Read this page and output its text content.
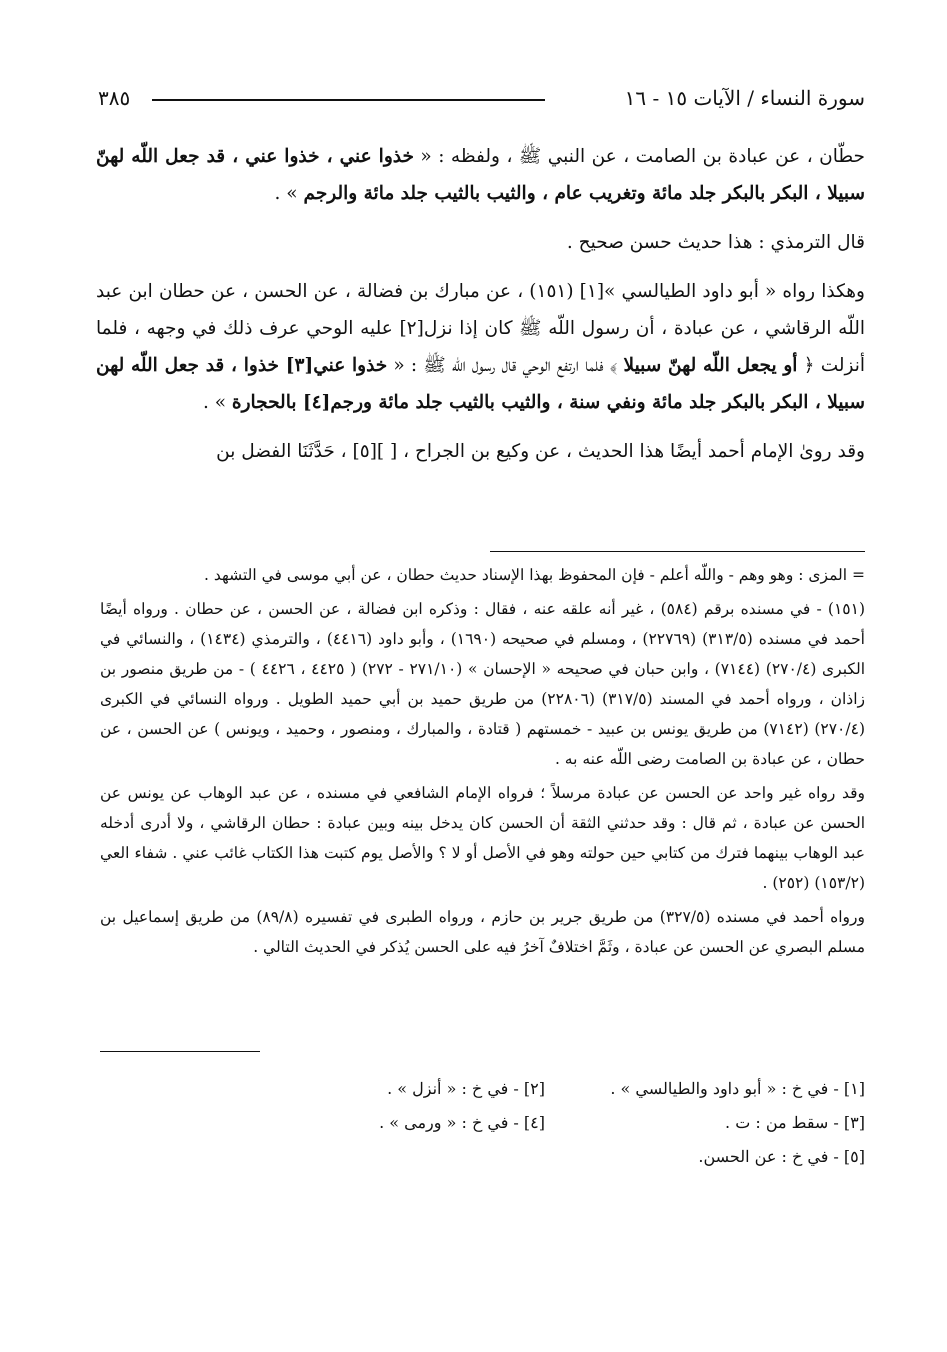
سورة النساء / الآيات ١٥ - ١٦
٣٨٥

حطّان ، عن عبادة بن الصامت ، عن النبي ﷺ ، ولفظه : « خذوا عني ، خذوا عني ، قد جعل اللّه لهنّ سبيلا ، البكر بالبكر جلد مائة وتغريب عام ، والثيب بالثيب جلد مائة والرجم » .

قال الترمذي : هذا حديث حسن صحيح .

وهكذا رواه « أبو داود الطيالسي »[١] (١٥١) ، عن مبارك بن فضالة ، عن الحسن ، عن حطان ابن عبد اللّه الرقاشي ، عن عبادة ، أن رسول اللّه ﷺ كان إذا نزل[٢] عليه الوحي عرف ذلك في وجهه ، فلما أنزلت ﴿ أو يجعل اللّه لهنّ سبيلا ﴾ فلما ارتفع الوحي قال رسول اللّه ﷺ : « خذوا عني[٣] خذوا ، قد جعل اللّه لهن سبيلا ، البكر بالبكر جلد مائة ونفي سنة ، والثيب بالثيب جلد مائة ورجم[٤] بالحجارة » .

وقد روىٰ الإمام أحمد أيضًا هذا الحديث ، عن وكيع بن الجراح ، [ ][٥] ، حَدَّثَنَا الفضل بن

= المزى : وهو وهم - واللّه أعلم - فإن المحفوظ بهذا الإسناد حديث حطان ، عن أبي موسى في التشهد .

(١٥١) - في مسنده برقم (٥٨٤) ، غير أنه علقه عنه ، فقال : وذكره ابن فضالة ، عن الحسن ، عن حطان . ورواه أيضًا أحمد في مسنده (٣١٣/٥) (٢٢٧٦٩) ، ومسلم في صحيحه (١٦٩٠) ، وأبو داود (٤٤١٦) ، والترمذي (١٤٣٤) ، والنسائي في الكبرى (٢٧٠/٤) (٧١٤٤) ، وابن حبان في صحيحه « الإحسان » (٢٧١/١٠ - ٢٧٢) ( ٤٤٢٥ ، ٤٤٢٦ ) - من طريق منصور بن زاذان ، ورواه أحمد في المسند (٣١٧/٥) (٢٢٨٠٦) من طريق حميد بن أبي حميد الطويل . ورواه النسائي في الكبرى (٢٧٠/٤) (٧١٤٢) من طريق يونس بن عبيد - خمستهم ( قتادة ، والمبارك ، ومنصور ، وحميد ، ويونس ) عن الحسن ، عن حطان ، عن عبادة بن الصامت رضى اللّه عنه به .

وقد رواه غير واحد عن الحسن عن عبادة مرسلاً ؛ فرواه الإمام الشافعي في مسنده ، عن عبد الوهاب عن يونس عن الحسن عن عبادة ، ثم قال : وقد حدثني الثقة أن الحسن كان يدخل بينه وبين عبادة : حطان الرقاشي ، ولا أدرى أدخله عبد الوهاب بينهما فترك من كتابي حين حولته وهو في الأصل أو لا ؟ والأصل يوم كتبت هذا الكتاب غائب عني . شفاء العي (١٥٣/٢) (٢٥٢) .

ورواه أحمد في مسنده (٣٢٧/٥) من طريق جرير بن حازم ، ورواه الطبرى في تفسيره (٨٩/٨) من طريق إسماعيل بن مسلم البصري عن الحسن عن عبادة ، وثَمَّ اختلافٌ آخرُ فيه على الحسن يُذكر في الحديث التالي .

[١] - في خ : « أبو داود والطيالسي » .
[٢] - في خ : « أنزل » .
[٣] - سقط من : ت .
[٤] - في خ : « ورمى » .
[٥] - في خ : عن الحسن.
